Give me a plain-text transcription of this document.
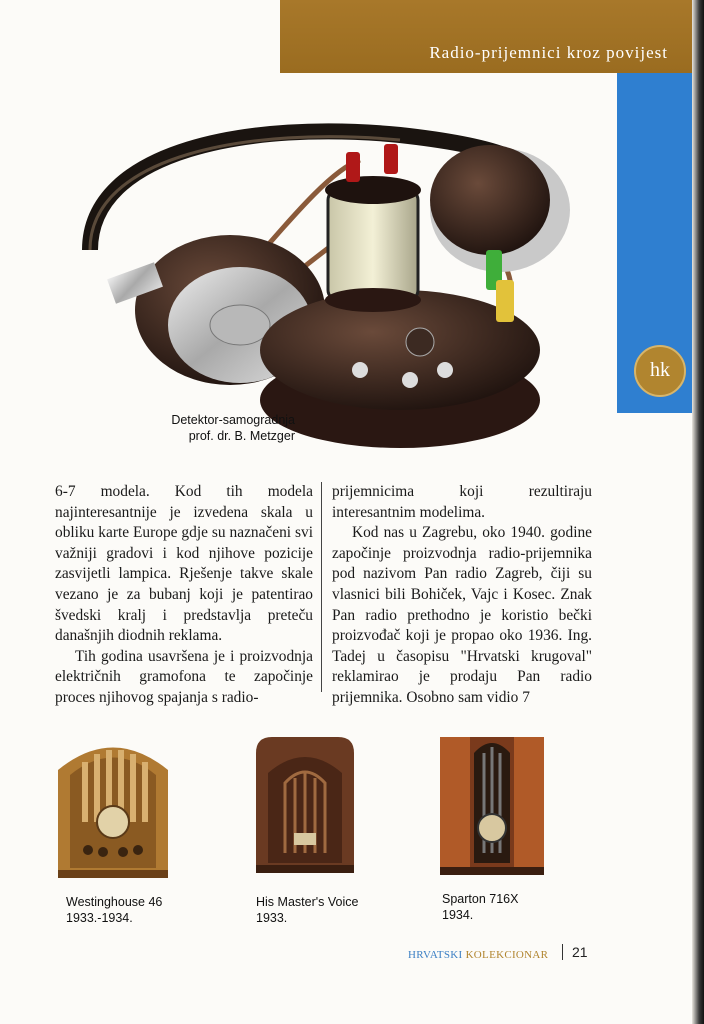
Radio-prijemnici kroz povijest
hk
Detektor-samogradnja
prof. dr. B. Metzger

6-7 modela. Kod tih modela najinteresantnije je izvedena skala u obliku karte Europe gdje su naznačeni svi važniji gradovi i kod njihove pozicije zasvijetli lampica. Rješenje takve skale vezano je za bubanj koji je patentirao švedski kralj i predstavlja preteču današnjih diodnih reklama.

Tih godina usavršena je i proizvodnja električnih gramofona te započinje proces njihovog spajanja s radio-

prijemnicima koji rezultiraju interesantnim modelima.

Kod nas u Zagrebu, oko 1940. godine započinje proizvodnja radio-prijemnika pod nazivom Pan radio Zagreb, čiji su vlasnici bili Bohiček, Vajc i Kosec. Znak Pan radio prethodno je koristio bečki proizvođač koji je propao oko 1936. Ing. Tadej u časopisu "Hrvatski krugoval" reklamirao je prodaju Pan radio prijemnika. Osobno sam vidio 7

Westinghouse 46
1933.-1934.
His Master's Voice
1933.
Sparton 716X
1934.
HRVATSKI KOLEKCIONAR 21
